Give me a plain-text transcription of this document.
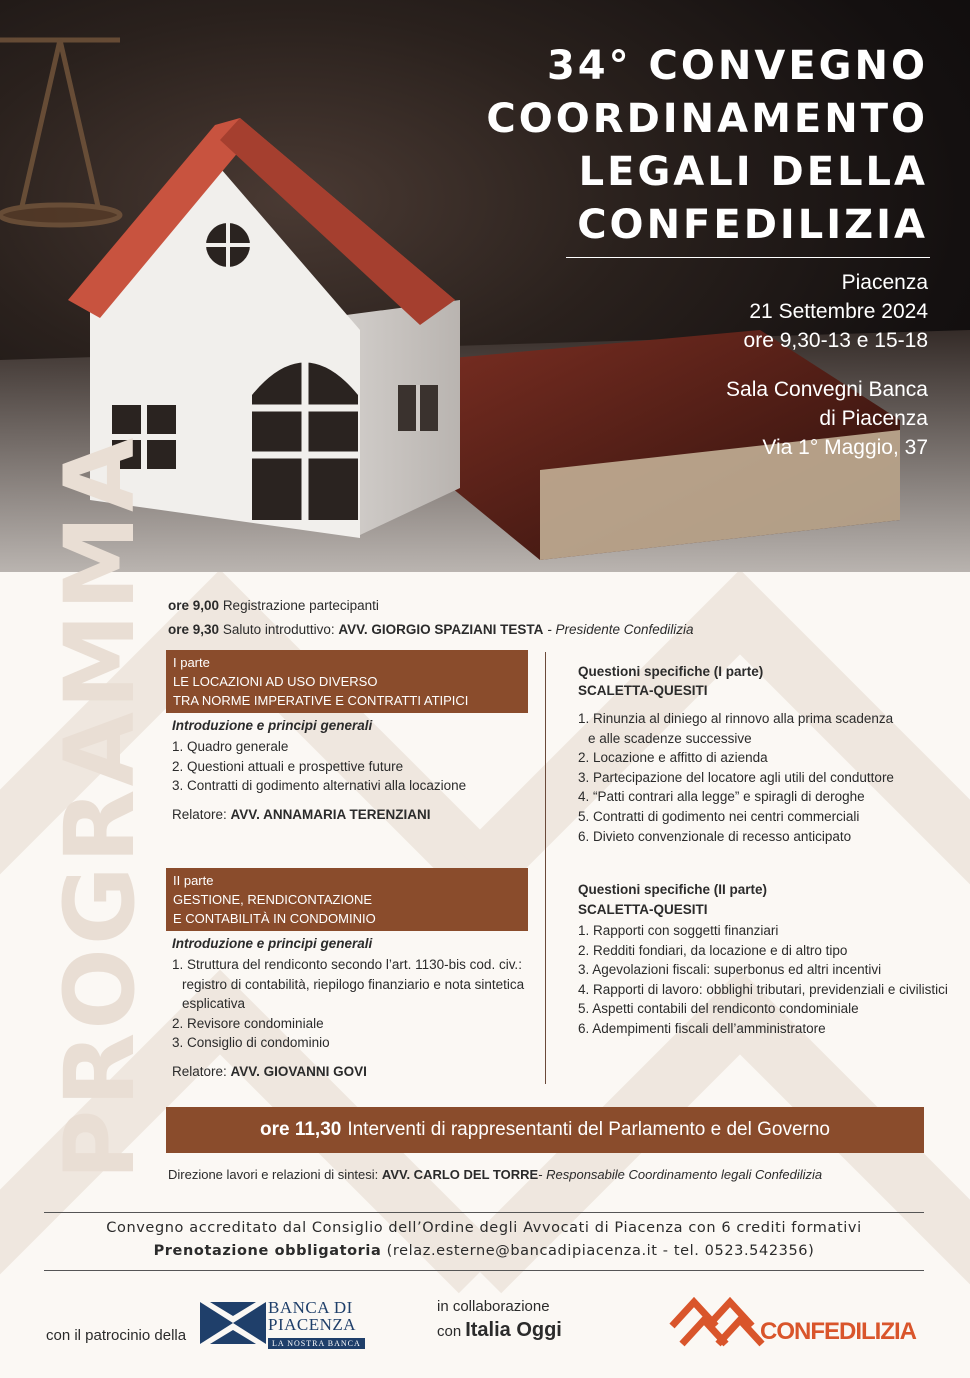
34° CONVEGNO
COORDINAMENTO
LEGALI DELLA
CONFEDILIZIA
Piacenza
21 Settembre 2024
ore 9,30-13 e 15-18
Sala Convegni Banca
di Piacenza
Via 1° Maggio, 37
PROGRAMMA ore 9,00 Registrazione partecipanti
ore 9,30 Saluto introduttivo: AVV. GIORGIO SPAZIANI TESTA - Presidente Confedilizia
I parte
LE LOCAZIONI AD USO DIVERSO
TRA NORME IMPERATIVE E CONTRATTI ATIPICI
Introduzione e principi generali
1. Quadro generale
2. Questioni attuali e prospettive future
3. Contratti di godimento alternativi alla locazione
Relatore: AVV. ANNAMARIA TERENZIANI
II parte
GESTIONE, RENDICONTAZIONE
E CONTABILITÀ IN CONDOMINIO
Introduzione e principi generali
1. Struttura del rendiconto secondo l’art. 1130-bis cod. civ.:
registro di contabilità, riepilogo finanziario e nota sintetica
esplicativa
2. Revisore condominiale
3. Consiglio di condominio
Relatore: AVV. GIOVANNI GOVI
Questioni specifiche (I parte)
SCALETTA-QUESITI
1. Rinunzia al diniego al rinnovo alla prima scadenza
e alle scadenze successive
2. Locazione e affitto di azienda
3. Partecipazione del locatore agli utili del conduttore
4. “Patti contrari alla legge” e spiragli di deroghe
5. Contratti di godimento nei centri commerciali
6. Divieto convenzionale di recesso anticipato
Questioni specifiche (II parte)
SCALETTA-QUESITI
1. Rapporti con soggetti finanziari
2. Redditi fondiari, da locazione e di altro tipo
3. Agevolazioni fiscali: superbonus ed altri incentivi
4. Rapporti di lavoro: obblighi tributari, previdenziali e civilistici
5. Aspetti contabili del rendiconto condominiale
6. Adempimenti fiscali dell’amministratore
ore 11,30 Interventi di rappresentanti del Parlamento e del Governo
Direzione lavori e relazioni di sintesi: AVV. CARLO DEL TORRE- Responsabile Coordinamento legali Confedilizia
Convegno accreditato dal Consiglio dell’Ordine degli Avvocati di Piacenza con 6 crediti formativi
Prenotazione obbligatoria (relaz.esterne@bancadipiacenza.it - tel. 0523.542356)
con il patrocinio della
BANCA DI
PIACENZA
LA NOSTRA BANCA
in collaborazione
con Italia Oggi	CONFEDILIZIA
